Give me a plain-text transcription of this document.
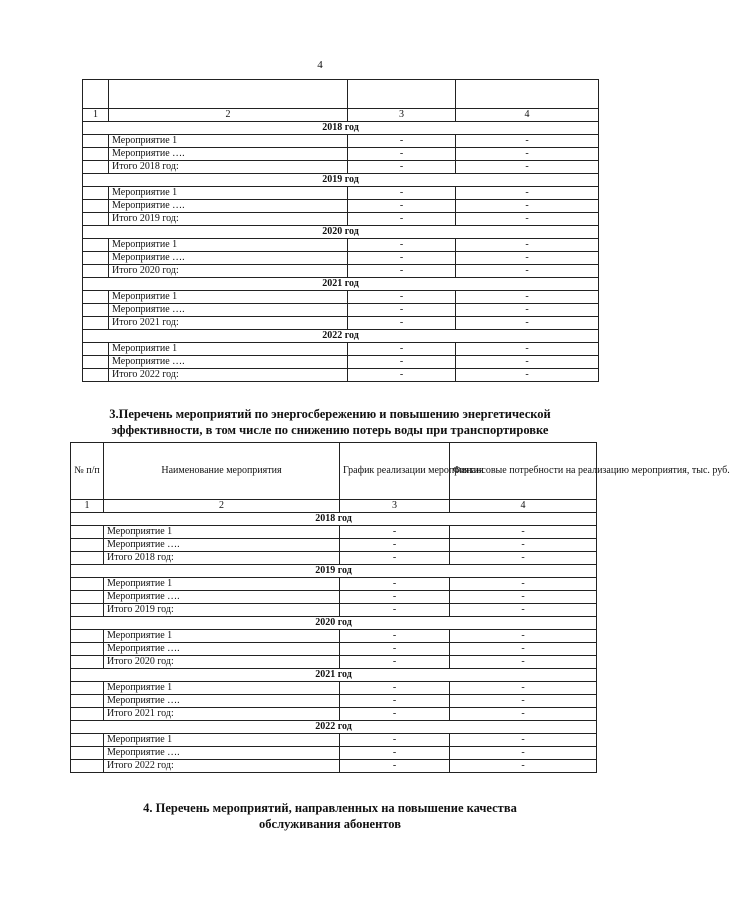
4

1	2	3	4
2018 год			
	Мероприятие 1	-	-
	Мероприятие ….	-	-
	Итого 2018 год:	-	-
2019 год			
	Мероприятие 1	-	-
	Мероприятие ….	-	-
	Итого 2019 год:	-	-
2020 год			
	Мероприятие 1	-	-
	Мероприятие ….	-	-
	Итого 2020 год:	-	-
2021 год			
	Мероприятие 1	-	-
	Мероприятие ….	-	-
	Итого 2021 год:	-	-
2022 год			
	Мероприятие 1	-	-
	Мероприятие ….	-	-
	Итого 2022 год:	-	-
3.Перечень мероприятий по энергосбережению и повышению энергетической
эффективности, в том числе по снижению потерь воды при транспортировке
№ п/п	Наименование мероприятия	График реализации мероприятия	Финансовые потребности на реализацию мероприятия, тыс. руб.
1	2	3	4
2018 год			
	Мероприятие 1	-	-
	Мероприятие ….	-	-
	Итого 2018 год:	-	-
2019 год			
	Мероприятие 1	-	-
	Мероприятие ….	-	-
	Итого 2019 год:	-	-
2020 год			
	Мероприятие 1	-	-
	Мероприятие ….	-	-
	Итого 2020 год:	-	-
2021 год			
	Мероприятие 1	-	-
	Мероприятие ….	-	-
	Итого 2021 год:	-	-
2022 год			
	Мероприятие 1	-	-
	Мероприятие ….	-	-
	Итого 2022 год:	-	-
4. Перечень мероприятий, направленных на повышение качества
обслуживания абонентов
